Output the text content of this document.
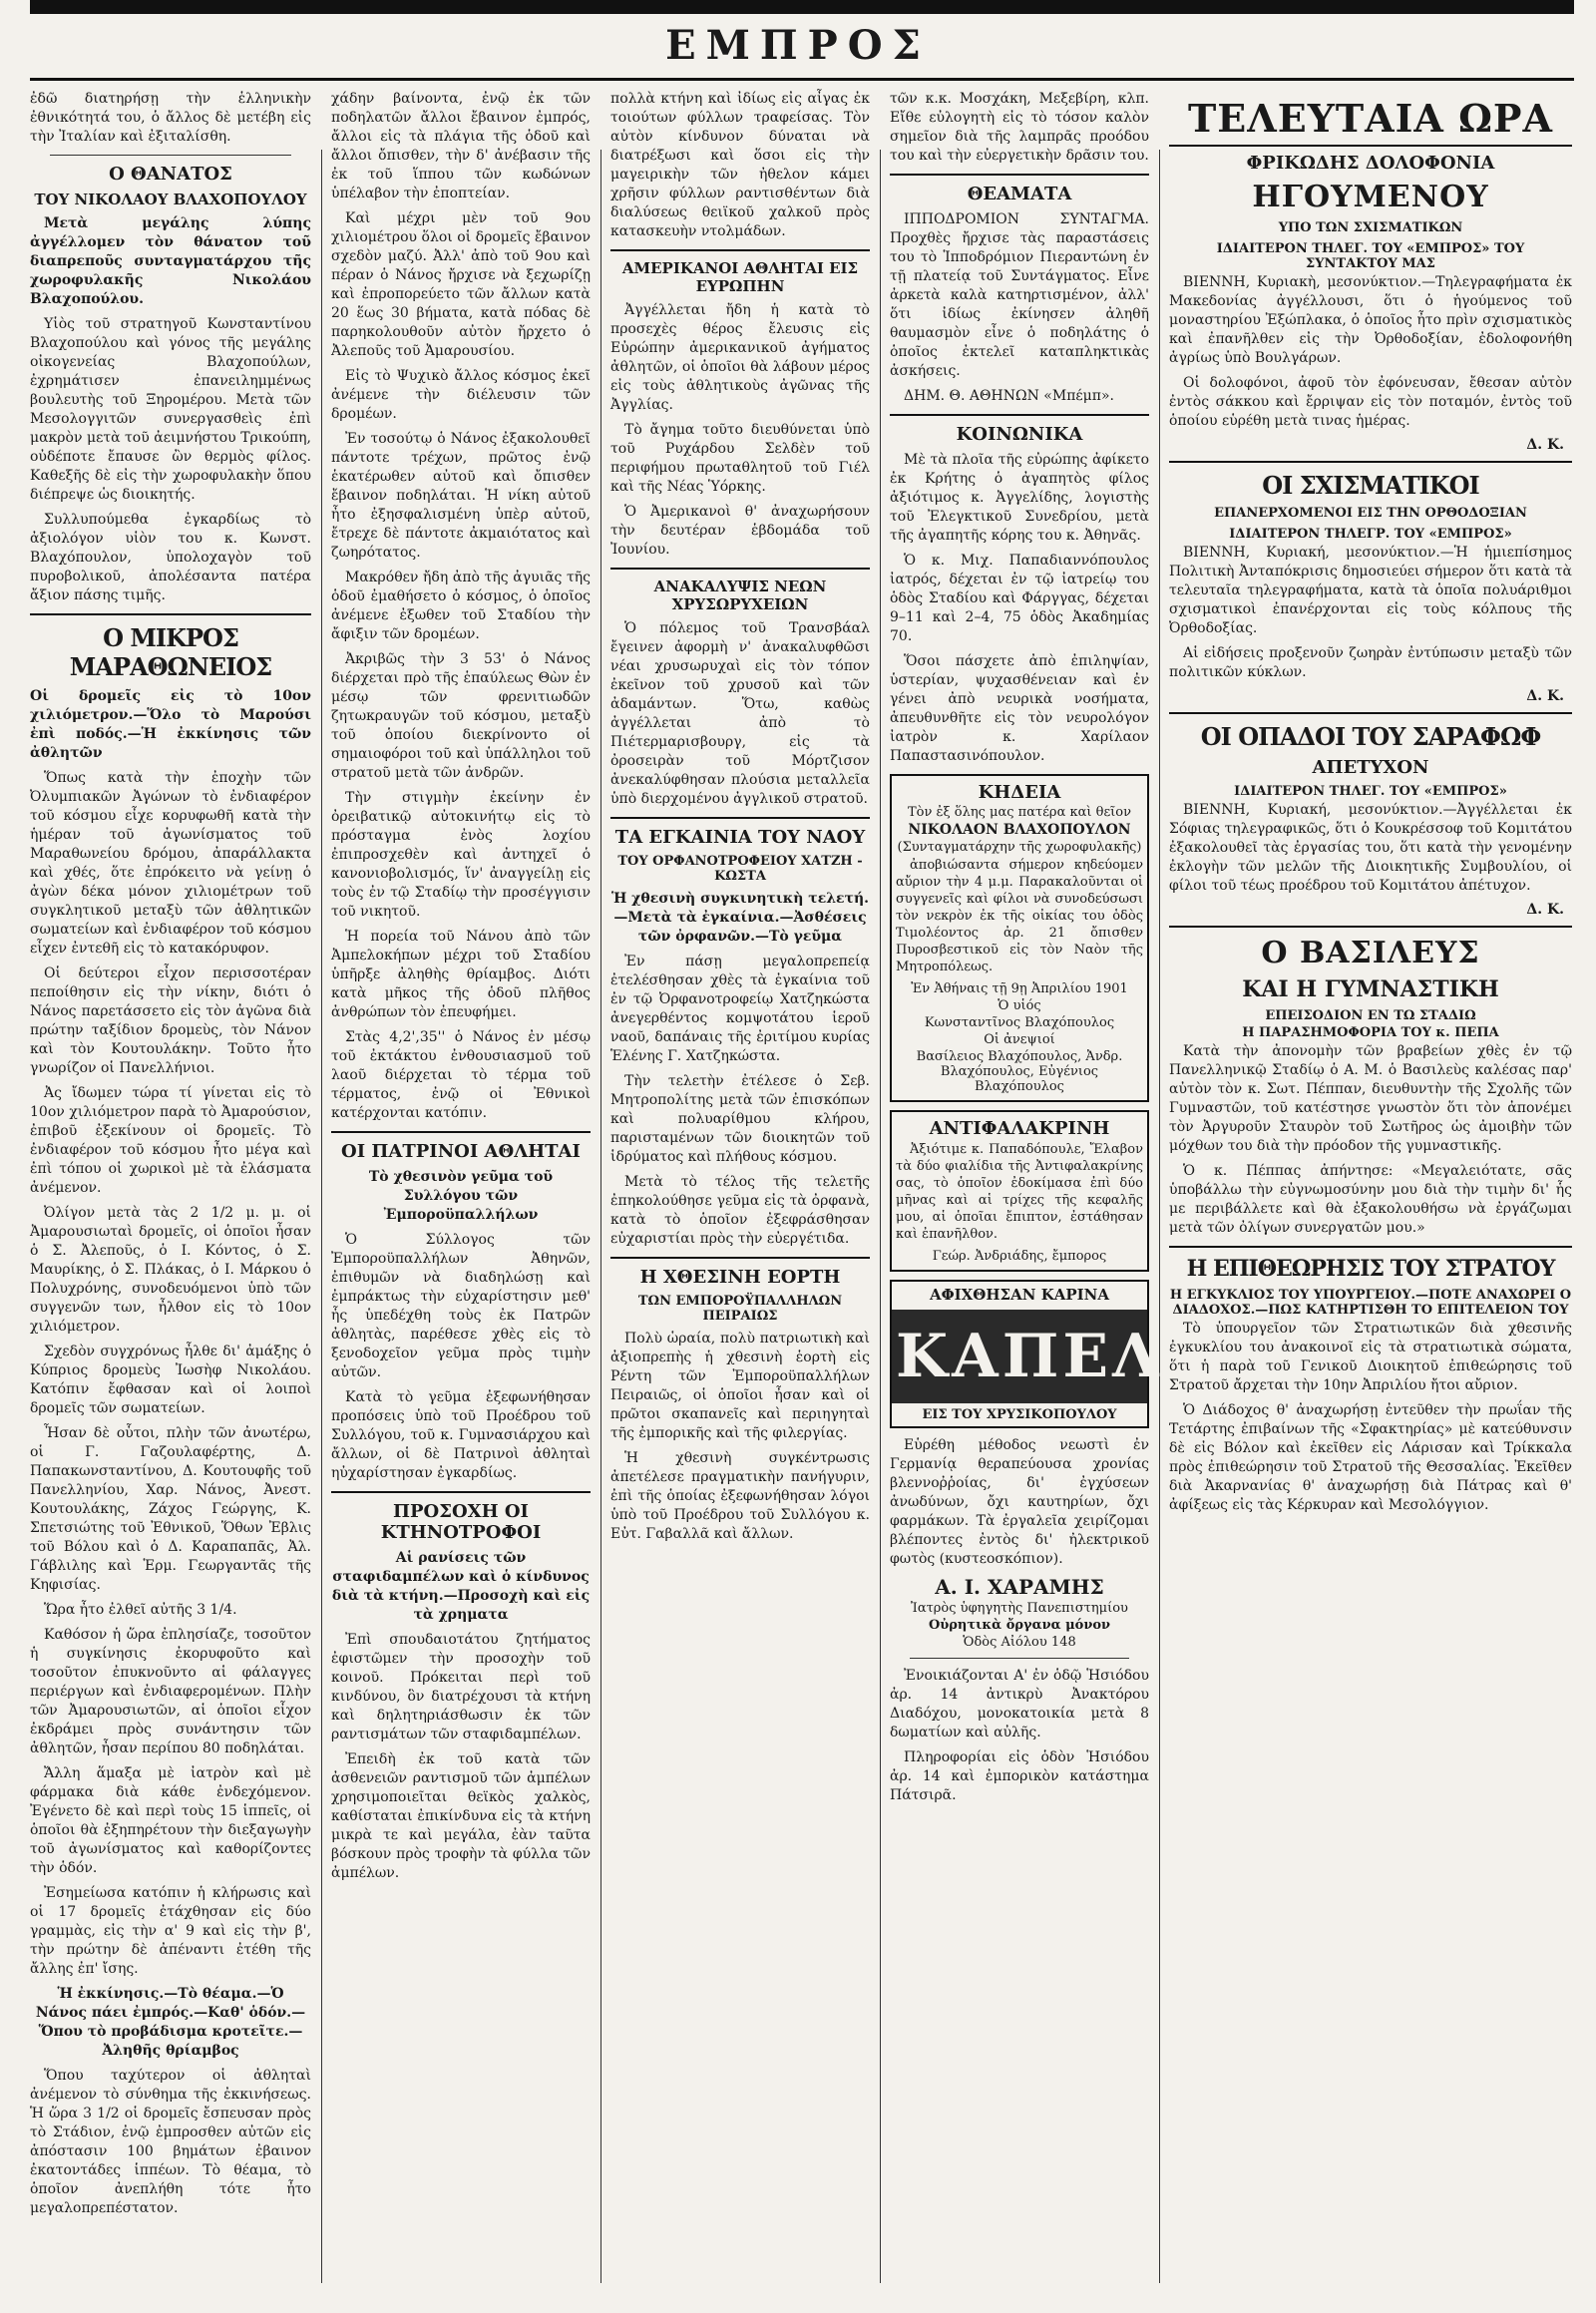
ΕΜΠΡΟΣ

ἐδῶ διατηρήσῃ τὴν ἑλληνικὴν ἐθνικότητά του, ὁ ἄλλος δὲ μετέβη εἰς τὴν Ἰταλίαν καὶ ἐξιταλίσθη.

Ο ΘΑΝΑΤΟΣ
ΤΟΥ ΝΙΚΟΛΑΟΥ ΒΛΑΧΟΠΟΥΛΟΥ

Μετὰ μεγάλης λύπης ἀγγέλλομεν τὸν θάνατον τοῦ διαπρεποῦς συνταγματάρχου τῆς χωροφυλακῆς Νικολάου Βλαχοπούλου.

Υἱὸς τοῦ στρατηγοῦ Κωνσταντίνου Βλαχοπούλου καὶ γόνος τῆς μεγάλης οἰκογενείας Βλαχοπούλων, ἐχρημάτισεν ἐπανειλημμένως βουλευτὴς τοῦ Ξηρομέρου. Μετὰ τῶν Μεσολογγιτῶν συνεργασθεὶς ἐπὶ μακρὸν μετὰ τοῦ ἀειμνήστου Τρικούπη, οὐδέποτε ἔπαυσε ὢν θερμὸς φίλος. Καθεξῆς δὲ εἰς τὴν χωροφυλακὴν ὅπου διέπρεψε ὡς διοικητής.

Συλλυπούμεθα ἐγκαρδίως τὸ ἀξιολόγον υἱὸν του κ. Κωνστ. Βλαχόπουλον, ὑπολοχαγὸν τοῦ πυροβολικοῦ, ἀπολέσαντα πατέρα ἄξιον πάσης τιμῆς.

Ο ΜΙΚΡΟΣ ΜΑΡΑΘΩΝΕΙΟΣ

Οἱ δρομεῖς εἰς τὸ 10ον χιλιόμετρον.—Ὅλο τὸ Μαρούσι ἐπὶ ποδός.—Ἡ ἐκκίνησις τῶν ἀθλητῶν

Ὅπως κατὰ τὴν ἐποχὴν τῶν Ὀλυμπιακῶν Ἀγώνων τὸ ἐνδιαφέρον τοῦ κόσμου εἶχε κορυφωθῆ κατὰ τὴν ἡμέραν τοῦ ἀγωνίσματος τοῦ Μαραθωνείου δρόμου, ἀπαράλλακτα καὶ χθές, ὅτε ἐπρόκειτο νὰ γείνῃ ὁ ἀγὼν δέκα μόνον χιλιομέτρων τοῦ συγκλητικοῦ μεταξὺ τῶν ἀθλητικῶν σωματείων καὶ ἐνδιαφέρον τοῦ κόσμου εἶχεν ἐντεθῆ εἰς τὸ κατακόρυφον.

Οἱ δεύτεροι εἶχον περισσοτέραν πεποίθησιν εἰς τὴν νίκην, διότι ὁ Νάνος παρετάσσετο εἰς τὸν ἀγῶνα διὰ πρώτην ταξίδιον δρομεὺς, τὸν Νάνον καὶ τὸν Κουτουλάκην. Τοῦτο ἦτο γνωρίζον οἱ Πανελλήνιοι.

Ἀς ἴδωμεν τώρα τί γίνεται εἰς τὸ 10ον χιλιόμετρον παρὰ τὸ Ἀμαρούσιον, ἐπιβοῦ ἐξεκίνουν οἱ δρομεῖς. Τὸ ἐνδιαφέρον τοῦ κόσμου ἦτο μέγα καὶ ἐπὶ τόπου οἱ χωρικοὶ μὲ τὰ ἐλάσματα ἀνέμενον.

Ὀλίγον μετὰ τὰς 2 1/2 μ. μ. οἱ Ἀμαρουσιωταὶ δρομεῖς, οἱ ὁποῖοι ἦσαν ὁ Σ. Ἀλεποῦς, ὁ Ι. Κόντος, ὁ Σ. Μαυρίκης, ὁ Σ. Πλάκας, ὁ Ι. Μάρκου ὁ Πολυχρόνης, συνοδευόμενοι ὑπὸ τῶν συγγενῶν των, ἦλθον εἰς τὸ 10ον χιλιόμετρον.

Σχεδὸν συγχρόνως ἦλθε δι' ἀμάξης ὁ Κύπριος δρομεὺς Ἰωσὴφ Νικολάου. Κατόπιν ἔφθασαν καὶ οἱ λοιποὶ δρομεῖς τῶν σωματείων.

Ἦσαν δὲ οὗτοι, πλὴν τῶν ἀνωτέρω, οἱ Γ. Γαζουλαφέρτης, Δ. Παπακωνσταντίνου, Δ. Κουτουφῆς τοῦ Πανελληνίου, Χαρ. Νάνος, Ἀνεστ. Κουτουλάκης, Ζάχος Γεώργης, Κ. Σπετσιώτης τοῦ Ἐθνικοῦ, Ὅθων Ἐβλις τοῦ Βόλου καὶ ὁ Δ. Καραπαπᾶς, Ἀλ. Γάβλιλης καὶ Ἑρμ. Γεωργαντᾶς τῆς Κηφισίας.

Ὥρα ἦτο ἐλθεῖ αὐτῆς 3 1/4.

Καθόσον ἡ ὥρα ἐπλησίαζε, τοσοῦτον ἡ συγκίνησις ἐκορυφοῦτο καὶ τοσοῦτον ἐπυκνοῦντο αἱ φάλαγγες περιέργων καὶ ἐνδιαφερομένων. Πλὴν τῶν Ἀμαρουσιωτῶν, αἱ ὁποῖοι εἶχον ἐκδράμει πρὸς συνάντησιν τῶν ἀθλητῶν, ἦσαν περίπου 80 ποδηλάται.

Ἄλλη ἅμαξα μὲ ἰατρὸν καὶ μὲ φάρμακα διὰ κάθε ἐνδεχόμενον. Ἐγένετο δὲ καὶ περὶ τοὺς 15 ἱππεῖς, οἱ ὁποῖοι θὰ ἐξηπηρέτουν τὴν διεξαγωγὴν τοῦ ἀγωνίσματος καὶ καθορίζοντες τὴν ὁδόν.

Ἐσημείωσα κατόπιν ἡ κλήρωσις καὶ οἱ 17 δρομεῖς ἐτάχθησαν εἰς δύο γραμμὰς, εἰς τὴν α' 9 καὶ εἰς τὴν β', τὴν πρώτην δὲ ἀπέναντι ἐτέθη τῆς ἄλλης ἐπ' ἴσης.

Ἡ ἐκκίνησις.—Τὸ θέαμα.—Ὁ Νάνος πάει ἐμπρός.—Καθ' ὁδόν.—Ὅπου τὸ προβάδισμα κροτεῖτε.—Ἀληθῆς θρίαμβος

Ὅπου ταχύτερον οἱ ἀθληταὶ ἀνέμενον τὸ σύνθημα τῆς ἐκκινήσεως. Ἡ ὥρα 3 1/2 οἱ δρομεῖς ἔσπευσαν πρὸς τὸ Στάδιον, ἐνῷ ἐμπροσθεν αὐτῶν εἰς ἀπόστασιν 100 βημάτων ἐβαινον ἐκατοντάδες ἱππέων. Τὸ θέαμα, τὸ ὁποῖον ἀνεπλήθη τότε ἦτο μεγαλοπρεπέστατον.

χάδην βαίνοντα, ἐνῷ ἐκ τῶν ποδηλατῶν ἄλλοι ἔβαινον ἐμπρός, ἄλλοι εἰς τὰ πλάγια τῆς ὁδοῦ καὶ ἄλλοι ὄπισθεν, τὴν δ' ἀνέβασιν τῆς ἐκ τοῦ ἵππου τῶν κωδώνων ὑπέλαβον τὴν ἐποπτείαν.

Καὶ μέχρι μὲν τοῦ 9ου χιλιομέτρου ὅλοι οἱ δρομεῖς ἔβαινον σχεδὸν μαζύ. Ἀλλ' ἀπὸ τοῦ 9ου καὶ πέραν ὁ Νάνος ἤρχισε νὰ ξεχωρίζῃ καὶ ἐπροπορεύετο τῶν ἄλλων κατὰ 20 ἕως 30 βήματα, κατὰ πόδας δὲ παρηκολουθοῦν αὐτὸν ἤρχετο ὁ Ἀλεποῦς τοῦ Ἀμαρουσίου.

Εἰς τὸ Ψυχικὸ ἄλλος κόσμος ἐκεῖ ἀνέμενε τὴν διέλευσιν τῶν δρομέων.

Ἐν τοσούτῳ ὁ Νάνος ἐξακολουθεῖ πάντοτε τρέχων, πρῶτος ἐνῷ ἑκατέρωθεν αὐτοῦ καὶ ὄπισθεν ἔβαινον ποδηλάται. Ἡ νίκη αὐτοῦ ἦτο ἐξησφαλισμένη ὑπὲρ αὐτοῦ, ἔτρεχε δὲ πάντοτε ἀκμαιότατος καὶ ζωηρότατος.

Μακρόθεν ἤδη ἀπὸ τῆς ἀγυιᾶς τῆς ὁδοῦ ἐμαθήσετο ὁ κόσμος, ὁ ὁποῖος ἀνέμενε ἐξωθεν τοῦ Σταδίου τὴν ἄφιξιν τῶν δρομέων.

Ἀκριβῶς τὴν 3 53' ὁ Νάνος διέρχεται πρὸ τῆς ἑπαύλεως Θὼν ἐν μέσῳ τῶν φρενιτιωδῶν ζητωκραυγῶν τοῦ κόσμου, μεταξὺ τοῦ ὁποίου διεκρίνοντο οἱ σημαιοφόροι τοῦ καὶ ὑπάλληλοι τοῦ στρατοῦ μετὰ τῶν ἀνδρῶν.

Τὴν στιγμὴν ἐκείνην ἐν ὀρειβατικῷ αὐτοκινήτῳ εἰς τὸ πρόσταγμα ἐνὸς λοχίου ἐπιπροσχεθὲν καὶ ἀντηχεῖ ὁ κανονιοβολισμός, ἵν' ἀναγγείλῃ εἰς τοὺς ἐν τῷ Σταδίῳ τὴν προσέγγισιν τοῦ νικητοῦ.

Ἡ πορεία τοῦ Νάνου ἀπὸ τῶν Ἀμπελοκήπων μέχρι τοῦ Σταδίου ὑπῆρξε ἀληθὴς θρίαμβος. Διότι κατὰ μῆκος τῆς ὁδοῦ πλῆθος ἀνθρώπων τὸν ἐπευφήμει.

Στὰς 4,2',35'' ὁ Νάνος ἐν μέσῳ τοῦ ἐκτάκτου ἐνθουσιασμοῦ τοῦ λαοῦ διέρχεται τὸ τέρμα τοῦ τέρματος, ἐνῷ οἱ Ἐθνικοὶ κατέρχονται κατόπιν.

ΟΙ ΠΑΤΡΙΝΟΙ ΑΘΛΗΤΑΙ

Τὸ χθεσινὸν γεῦμα τοῦ Συλλόγου τῶν Ἐμποροϋπαλλήλων

Ὁ Σύλλογος τῶν Ἐμποροϋπαλλήλων Ἀθηνῶν, ἐπιθυμῶν νὰ διαδηλώσῃ καὶ ἐμπράκτως τὴν εὐχαρίστησιν μεθ' ἧς ὑπεδέχθη τοὺς ἐκ Πατρῶν ἀθλητὰς, παρέθεσε χθὲς εἰς τὸ ξενοδοχεῖον γεῦμα πρὸς τιμὴν αὐτῶν.

Κατὰ τὸ γεῦμα ἐξεφωνήθησαν προπόσεις ὑπὸ τοῦ Προέδρου τοῦ Συλλόγου, τοῦ κ. Γυμνασιάρχου καὶ ἄλλων, οἱ δὲ Πατρινοὶ ἀθληταὶ ηὐχαρίστησαν ἐγκαρδίως.

ΠΡΟΣΟΧΗ ΟΙ ΚΤΗΝΟΤΡΟΦΟΙ

Αἱ ρανίσεις τῶν σταφιδαμπέλων καὶ ὁ κίνδυνος διὰ τὰ κτήνη.—Προσοχὴ καὶ εἰς τὰ χρηματα

Ἐπὶ σπουδαιοτάτου ζητήματος ἐφιστῶμεν τὴν προσοχὴν τοῦ κοινοῦ. Πρόκειται περὶ τοῦ κινδύνου, ὃν διατρέχουσι τὰ κτήνη καὶ δηλητηριάσθωσιν ἐκ τῶν ραντισμάτων τῶν σταφιδαμπέλων.

Ἐπειδὴ ἐκ τοῦ κατὰ τῶν ἀσθενειῶν ραντισμοῦ τῶν ἀμπέλων χρησιμοποιεῖται θεϊκὸς χαλκὸς, καθίσταται ἐπικίνδυνα εἰς τὰ κτήνη μικρὰ τε καὶ μεγάλα, ἐὰν ταῦτα βόσκουν πρὸς τροφὴν τὰ φύλλα τῶν ἀμπέλων.

πολλὰ κτήνη καὶ ἰδίως εἰς αἶγας ἐκ τοιούτων φύλλων τραφείσας. Τὸν αὐτὸν κίνδυνον δύναται νὰ διατρέξωσι καὶ ὅσοι εἰς τὴν μαγειρικὴν τῶν ἠθελον κάμει χρῆσιν φύλλων ραντισθέντων διὰ διαλύσεως θειϊκοῦ χαλκοῦ πρὸς κατασκευὴν ντολμάδων.

ΑΜΕΡΙΚΑΝΟΙ ΑΘΛΗΤΑΙ ΕΙΣ ΕΥΡΩΠΗΝ

Ἀγγέλλεται ἤδη ἡ κατὰ τὸ προσεχὲς θέρος ἔλευσις εἰς Εὐρώπην ἀμερικανικοῦ ἀγήματος ἀθλητῶν, οἱ ὁποῖοι θὰ λάβουν μέρος εἰς τοὺς ἀθλητικοὺς ἀγῶνας τῆς Ἀγγλίας.

Τὸ ἄγημα τοῦτο διευθύνεται ὑπὸ τοῦ Ρυχάρδου Σελδὲν τοῦ περιφήμου πρωταθλητοῦ τοῦ Γιέλ καὶ τῆς Νέας Ὑόρκης.

Ὁ Ἀμερικανοὶ θ' ἀναχωρήσουν τὴν δευτέραν ἑβδομάδα τοῦ Ἰουνίου.

ΑΝΑΚΑΛΥΨΙΣ ΝΕΩΝ ΧΡΥΣΩΡΥΧΕΙΩΝ

Ὁ πόλεμος τοῦ Τρανσβάαλ ἔγεινεν ἀφορμὴ ν' ἀνακαλυφθῶσι νέαι χρυσωρυχαὶ εἰς τὸν τόπον ἐκεῖνον τοῦ χρυσοῦ καὶ τῶν ἀδαμάντων. Ὅτω, καθὼς ἀγγέλλεται ἀπὸ τὸ Πιέτερμαρισβουργ, εἰς τὰ ὀροσειρὰν τοῦ Μόρτζισον ἀνεκαλύφθησαν πλούσια μεταλλεῖα ὑπὸ διερχομένου ἀγγλικοῦ στρατοῦ.

ΤΑ ΕΓΚΑΙΝΙΑ ΤΟΥ ΝΑΟΥ
ΤΟΥ ΟΡΦΑΝΟΤΡΟΦΕΙΟΥ ΧΑΤΖΗ - ΚΩΣΤΑ

Ἡ χθεσινὴ συγκινητικὴ τελετή.—Μετὰ τὰ ἐγκαίνια.—Ἀσθέσεις τῶν ὀρφανῶν.—Τὸ γεῦμα

Ἐν πάσῃ μεγαλοπρεπείᾳ ἐτελέσθησαν χθὲς τὰ ἐγκαίνια τοῦ ἐν τῷ Ὀρφανοτροφείῳ Χατζηκώστα ἀνεγερθέντος κομψοτάτου ἱεροῦ ναοῦ, δαπάναις τῆς ἐριτίμου κυρίας Ἑλένης Γ. Χατζηκώστα.

Τὴν τελετὴν ἐτέλεσε ὁ Σεβ. Μητροπολίτης μετὰ τῶν ἐπισκόπων καὶ πολυαρίθμου κλήρου, παρισταμένων τῶν διοικητῶν τοῦ ἱδρύματος καὶ πλήθους κόσμου.

Μετὰ τὸ τέλος τῆς τελετῆς ἐπηκολούθησε γεῦμα εἰς τὰ ὀρφανὰ, κατὰ τὸ ὁποῖον ἐξεφράσθησαν εὐχαριστίαι πρὸς τὴν εὐεργέτιδα.

Η ΧΘΕΣΙΝΗ ΕΟΡΤΗ
ΤΩΝ ΕΜΠΟΡΟΫΠΑΛΛΗΛΩΝ ΠΕΙΡΑΙΩΣ

Πολὺ ὡραία, πολὺ πατριωτικὴ καὶ ἀξιοπρεπὴς ἡ χθεσινὴ ἑορτὴ εἰς Ρέντη τῶν Ἐμποροϋπαλλήλων Πειραιῶς, οἱ ὁποῖοι ἦσαν καὶ οἱ πρῶτοι σκαπανεῖς καὶ περιηγηταὶ τῆς ἐμπορικῆς καὶ τῆς φιλεργίας.

Ἡ χθεσινὴ συγκέντρωσις ἀπετέλεσε πραγματικὴν πανήγυριν, ἐπὶ τῆς ὁποίας ἐξεφωνήθησαν λόγοι ὑπὸ τοῦ Προέδρου τοῦ Συλλόγου κ. Εὐτ. Γαβαλλᾶ καὶ ἄλλων.

τῶν κ.κ. Μοσχάκη, Μεξεβίρη, κλπ. Εἴθε εὐλογητὴ εἰς τὸ τόσον καλὸν σημεῖον διὰ τῆς λαμπρᾶς προόδου του καὶ τὴν εὐεργετικὴν δρᾶσιν του.

ΘΕΑΜΑΤΑ

ΙΠΠΟΔΡΟΜΙΟΝ ΣΥΝΤΑΓΜΑ. Προχθὲς ἤρχισε τὰς παραστάσεις του τὸ Ἱπποδρόμιον Πιεραντώνη ἐν τῇ πλατείᾳ τοῦ Συντάγματος. Εἶνε ἀρκετὰ καλὰ κατηρτισμένον, ἀλλ' ὅτι ἰδίως ἐκίνησεν ἀληθῆ θαυμασμὸν εἶνε ὁ ποδηλάτης ὁ ὁποῖος ἐκτελεῖ καταπληκτικὰς ἀσκήσεις.

ΔΗΜ. Θ. ΑΘΗΝΩΝ «Μπέμπ».

ΚΟΙΝΩΝΙΚΑ

Μὲ τὰ πλοῖα τῆς εὐρώπης ἀφίκετο ἐκ Κρήτης ὁ ἀγαπητὸς φίλος ἀξιότιμος κ. Ἀγγελίδης, λογιστὴς τοῦ Ἐλεγκτικοῦ Συνεδρίου, μετὰ τῆς ἀγαπητῆς κόρης του κ. Ἀθηνᾶς.

Ὁ κ. Μιχ. Παπαδιαννόπουλος ἰατρός, δέχεται ἐν τῷ ἰατρείῳ του ὁδὸς Σταδίου καὶ Φάργγας, δέχεται 9–11 καὶ 2–4, 75 ὁδὸς Ἀκαδημίας 70.

Ὅσοι πάσχετε ἀπὸ ἐπιληψίαν, ὑστερίαν, ψυχασθένειαν καὶ ἐν γένει ἀπὸ νευρικὰ νοσήματα, ἀπευθυνθῆτε εἰς τὸν νευρολόγον ἰατρὸν κ. Χαρίλαον Παπαστασινόπουλον.

ΚΗΔΕΙΑ
Τὸν ἐξ ὅλης μας πατέρα καὶ θεῖον
ΝΙΚΟΛΑΟΝ ΒΛΑΧΟΠΟΥΛΟΝ
(Συνταγματάρχην τῆς χωροφυλακῆς)

ἀποβιώσαντα σήμερον κηδεύομεν αὔριον τὴν 4 μ.μ. Παρακαλοῦνται οἱ συγγενεῖς καὶ φίλοι νὰ συνοδεύσωσι τὸν νεκρὸν ἐκ τῆς οἰκίας του ὁδὸς Τιμολέοντος ἀρ. 21 ὄπισθεν Πυροσβεστικοῦ εἰς τὸν Ναὸν τῆς Μητροπόλεως.

Ἐν Ἀθήναις τῇ 9ῃ Ἀπριλίου 1901
Ὁ υἱός
Κωνσταντῖνος Βλαχόπουλος
Οἱ ἀνεψιοί
Βασίλειος Βλαχόπουλος, Ἀνδρ. Βλαχόπουλος, Εὐγένιος Βλαχόπουλος
ΑΝΤΙΦΑΛΑΚΡΙΝΗ

Ἀξιότιμε κ. Παπαδόπουλε, Ἔλαβον τὰ δύο φιαλίδια τῆς Ἀντιφαλακρίνης σας, τὸ ὁποῖον ἐδοκίμασα ἐπὶ δύο μῆνας καὶ αἱ τρίχες τῆς κεφαλῆς μου, αἱ ὁποῖαι ἔπιπτον, ἐστάθησαν καὶ ἐπανῆλθον.

Γεώρ. Ἀνδριάδης, ἔμπορος
ΑΦΙΧΘΗΣΑΝ ΚΑΡΙΝΑ
ΚΑΠΕΛΛΑ
ΕΙΣ ΤΟΥ ΧΡΥΣΙΚΟΠΟΥΛΟΥ

Εὑρέθη μέθοδος νεωστὶ ἐν Γερμανίᾳ θεραπεύουσα χρονίας βλεννοῤῥοίας, δι' ἐγχύσεων ἀνωδύνων, ὄχι καυτηρίων, ὄχι φαρμάκων. Τὰ ἐργαλεῖα χειρίζομαι βλέποντες ἐντὸς δι' ἠλεκτρικοῦ φωτὸς (κυστεοσκόπιον).

Α. Ι. ΧΑΡΑΜΗΣ
Ἰατρὸς ὑφηγητὴς Πανεπιστημίου
Οὐρητικὰ ὄργανα μόνον
Ὁδὸς Αἰόλου 148

Ἐνοικιάζονται Α' ἐν ὁδῷ Ἡσιόδου ἀρ. 14 ἀντικρὺ Ἀνακτόρου Διαδόχου, μονοκατοικία μετὰ 8 δωματίων καὶ αὐλῆς.

Πληροφορίαι εἰς ὁδὸν Ἡσιόδου ἀρ. 14 καὶ ἐμπορικὸν κατάστημα Πάτσιρᾶ.

ΤΕΛΕΥΤΑΙΑ ΩΡΑ
ΦΡΙΚΩΔΗΣ ΔΟΛΟΦΟΝΙΑ
ΗΓΟΥΜΕΝΟΥ
ΥΠΟ ΤΩΝ ΣΧΙΣΜΑΤΙΚΩΝ
ΙΔΙΑΙΤΕΡΟΝ ΤΗΛΕΓ. ΤΟΥ «ΕΜΠΡΟΣ» ΤΟΥ ΣΥΝΤΑΚΤΟΥ ΜΑΣ

ΒΙΕΝΝΗ, Κυριακὴ, μεσονύκτιον.—Τηλεγραφήματα ἐκ Μακεδονίας ἀγγέλλουσι, ὅτι ὁ ἡγούμενος τοῦ μοναστηρίου Ἐξώπλακα, ὁ ὁποῖος ἦτο πρὶν σχισματικὸς καὶ ἐπανῆλθεν εἰς τὴν Ὀρθοδοξίαν, ἐδολοφονήθη ἀγρίως ὑπὸ Βουλγάρων.

Οἱ δολοφόνοι, ἀφοῦ τὸν ἐφόνευσαν, ἔθεσαν αὐτὸν ἐντὸς σάκκου καὶ ἔρριψαν εἰς τὸν ποταμόν, ἐντὸς τοῦ ὁποίου εὑρέθη μετὰ τινας ἡμέρας.

Δ. Κ.
ΟΙ ΣΧΙΣΜΑΤΙΚΟΙ
ΕΠΑΝΕΡΧΟΜΕΝΟΙ ΕΙΣ ΤΗΝ ΟΡΘΟΔΟΞΙΑΝ
ΙΔΙΑΙΤΕΡΟΝ ΤΗΛΕΓΡ. ΤΟΥ «ΕΜΠΡΟΣ»

ΒΙΕΝΝΗ, Κυριακή, μεσονύκτιον.—Ἡ ἡμιεπίσημος Πολιτικὴ Ἀνταπόκρισις δημοσιεύει σήμερον ὅτι κατὰ τὰ τελευταῖα τηλεγραφήματα, κατὰ τὰ ὁποῖα πολυάριθμοι σχισματικοὶ ἐπανέρχονται εἰς τοὺς κόλπους τῆς Ὀρθοδοξίας.

Αἱ εἰδήσεις προξενοῦν ζωηρὰν ἐντύπωσιν μεταξὺ τῶν πολιτικῶν κύκλων.

Δ. Κ.
ΟΙ ΟΠΑΔΟΙ ΤΟΥ ΣΑΡΑΦΩΦ
ΑΠΕΤΥΧΟΝ
ΙΔΙΑΙΤΕΡΟΝ ΤΗΛΕΓ. ΤΟΥ «ΕΜΠΡΟΣ»

ΒΙΕΝΝΗ, Κυριακή, μεσονύκτιον.—Ἀγγέλλεται ἐκ Σόφιας τηλεγραφικῶς, ὅτι ὁ Κουκρέσσοφ τοῦ Κομιτάτου ἐξακολουθεῖ τὰς ἐργασίας του, ὅτι κατὰ τὴν γενομένην ἐκλογὴν τῶν μελῶν τῆς Διοικητικῆς Συμβουλίου, οἱ φίλοι τοῦ τέως προέδρου τοῦ Κομιτάτου ἀπέτυχον.

Δ. Κ.
Ο ΒΑΣΙΛΕΥΣ
ΚΑΙ Η ΓΥΜΝΑΣΤΙΚΗ
ΕΠΕΙΣΟΔΙΟΝ ΕΝ ΤΩ ΣΤΑΔΙΩ
Η ΠΑΡΑΣΗΜΟΦΟΡΙΑ ΤΟΥ κ. ΠΕΠΑ

Κατὰ τὴν ἀπονομὴν τῶν βραβείων χθὲς ἐν τῷ Πανελληνικῷ Σταδίῳ ὁ Α. Μ. ὁ Βασιλεὺς καλέσας παρ' αὐτὸν τὸν κ. Σωτ. Πέππαν, διευθυντὴν τῆς Σχολῆς τῶν Γυμναστῶν, τοῦ κατέστησε γνωστὸν ὅτι τὸν ἀπονέμει τὸν Ἀργυροῦν Σταυρὸν τοῦ Σωτῆρος ὡς ἀμοιβὴν τῶν μόχθων του διὰ τὴν πρόοδον τῆς γυμναστικῆς.

Ὁ κ. Πέππας ἀπήντησε: «Μεγαλειότατε, σᾶς ὑποβάλλω τὴν εὐγνωμοσύνην μου διὰ τὴν τιμὴν δι' ἧς με περιβάλλετε καὶ θὰ ἐξακολουθήσω νὰ ἐργάζωμαι μετὰ τῶν ὀλίγων συνεργατῶν μου.»

Η ΕΠΙΘΕΩΡΗΣΙΣ ΤΟΥ ΣΤΡΑΤΟΥ
Η ΕΓΚΥΚΛΙΟΣ ΤΟΥ ΥΠΟΥΡΓΕΙΟΥ.—ΠΟΤΕ ΑΝΑΧΩΡΕΙ Ο ΔΙΑΔΟΧΟΣ.—ΠΩΣ ΚΑΤΗΡΤΙΣΘΗ ΤΟ ΕΠΙΤΕΛΕΙΟΝ ΤΟΥ

Τὸ ὑπουργεῖον τῶν Στρατιωτικῶν διὰ χθεσινῆς ἐγκυκλίου του ἀνακοινοῖ εἰς τὰ στρατιωτικὰ σώματα, ὅτι ἡ παρὰ τοῦ Γενικοῦ Διοικητοῦ ἐπιθεώρησις τοῦ Στρατοῦ ἄρχεται τὴν 10ην Ἀπριλίου ἤτοι αὔριον.

Ὁ Διάδοχος θ' ἀναχωρήσῃ ἐντεῦθεν τὴν πρωΐαν τῆς Τετάρτης ἐπιβαίνων τῆς «Σφακτηρίας» μὲ κατεύθυνσιν δὲ εἰς Βόλον καὶ ἐκεῖθεν εἰς Λάρισαν καὶ Τρίκκαλα πρὸς ἐπιθεώρησιν τοῦ Στρατοῦ τῆς Θεσσαλίας. Ἐκεῖθεν διὰ Ἀκαρνανίας θ' ἀναχωρήσῃ διὰ Πάτρας καὶ θ' ἀφίξεως εἰς τὰς Κέρκυραν καὶ Μεσολόγγιον.
